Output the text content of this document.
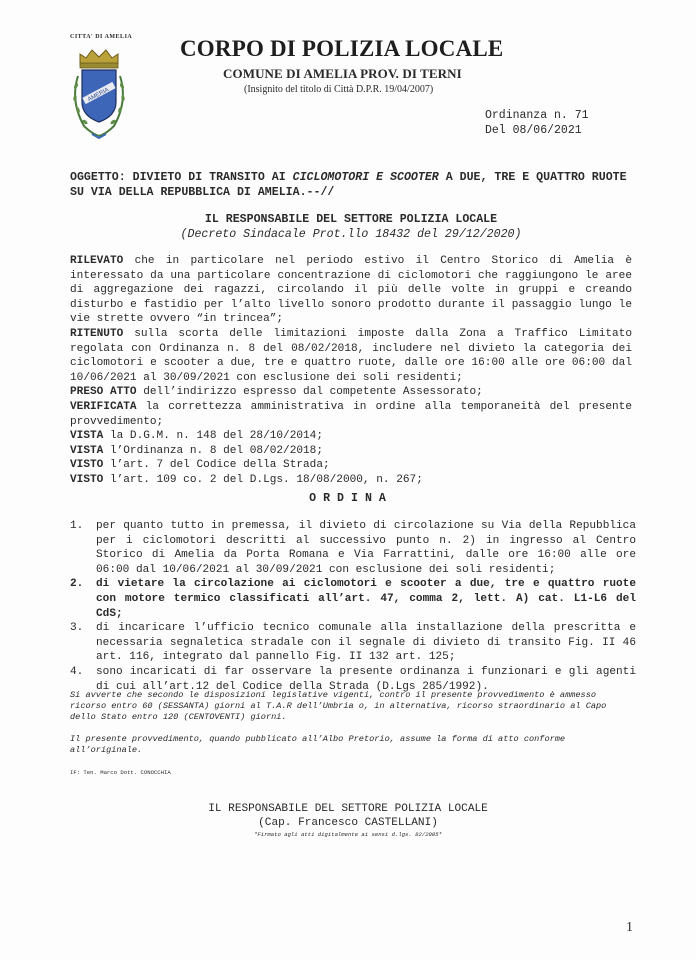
CITTA' DI AMELIA
AMERIA
CORPO DI POLIZIA LOCALE
COMUNE DI AMELIA PROV. DI TERNI
(Insignito del titolo di Città D.P.R. 19/04/2007)
Ordinanza n. 71
Del 08/06/2021
OGGETTO: DIVIETO DI TRANSITO AI CICLOMOTORI E SCOOTER A DUE, TRE E QUATTRO RUOTE SU VIA DELLA REPUBBLICA DI AMELIA.--//
IL RESPONSABILE DEL SETTORE POLIZIA LOCALE
(Decreto Sindacale Prot.llo 18432 del 29/12/2020)

RILEVATO che in particolare nel periodo estivo il Centro Storico di Amelia è interessato da una particolare concentrazione di ciclomotori che raggiungono le aree di aggregazione dei ragazzi, circolando il più delle volte in gruppi e creando disturbo e fastidio per l’alto livello sonoro prodotto durante il passaggio lungo le vie strette ovvero “in trincea”;

RITENUTO sulla scorta delle limitazioni imposte dalla Zona a Traffico Limitato regolata con Ordinanza n. 8 del 08/02/2018, includere nel divieto la categoria dei ciclomotori e scooter a due, tre e quattro ruote, dalle ore 16:00 alle ore 06:00 dal 10/06/2021 al 30/09/2021 con esclusione dei soli residenti;

PRESO ATTO dell’indirizzo espresso dal competente Assessorato;

VERIFICATA la correttezza amministrativa in ordine alla temporaneità del presente provvedimento;

VISTA la D.G.M. n. 148 del 28/10/2014;

VISTA l’Ordinanza n. 8 del 08/02/2018;

VISTO l’art. 7 del Codice della Strada;

VISTO l’art. 109 co. 2 del D.Lgs. 18/08/2000, n. 267;

ORDINA
1. per quanto tutto in premessa, il divieto di circolazione su Via della Repubblica per i ciclomotori descritti al successivo punto n. 2) in ingresso al Centro Storico di Amelia da Porta Romana e Via Farrattini, dalle ore 16:00 alle ore 06:00 dal 10/06/2021 al 30/09/2021 con esclusione dei soli residenti;
2. di vietare la circolazione ai ciclomotori e scooter a due, tre e quattro ruote con motore termico classificati all’art. 47, comma 2, lett. A) cat. L1-L6 del CdS;
3. di incaricare l’ufficio tecnico comunale alla installazione della prescritta e necessaria segnaletica stradale con il segnale di divieto di transito Fig. II 46 art. 116, integrato dal pannello Fig. II 132 art. 125;
4. sono incaricati di far osservare la presente ordinanza i funzionari e gli agenti di cui all’art.12 del Codice della Strada (D.Lgs 285/1992).
Si avverte che secondo le disposizioni legislative vigenti, contro il presente provvedimento è ammesso ricorso entro 60 (SESSANTA) giorni al T.A.R dell’Umbria o, in alternativa, ricorso straordinario al Capo dello Stato entro 120 (CENTOVENTI) giorni.
Il presente provvedimento, quando pubblicato all’Albo Pretorio, assume la forma di atto conforme all’originale.
IF: Ten. Marco Dott. CONOCCHIA
IL RESPONSABILE DEL SETTORE POLIZIA LOCALE
(Cap. Francesco CASTELLANI)
*Firmato agli atti digitalmente ai sensi d.lgs. 82/2005*
1
